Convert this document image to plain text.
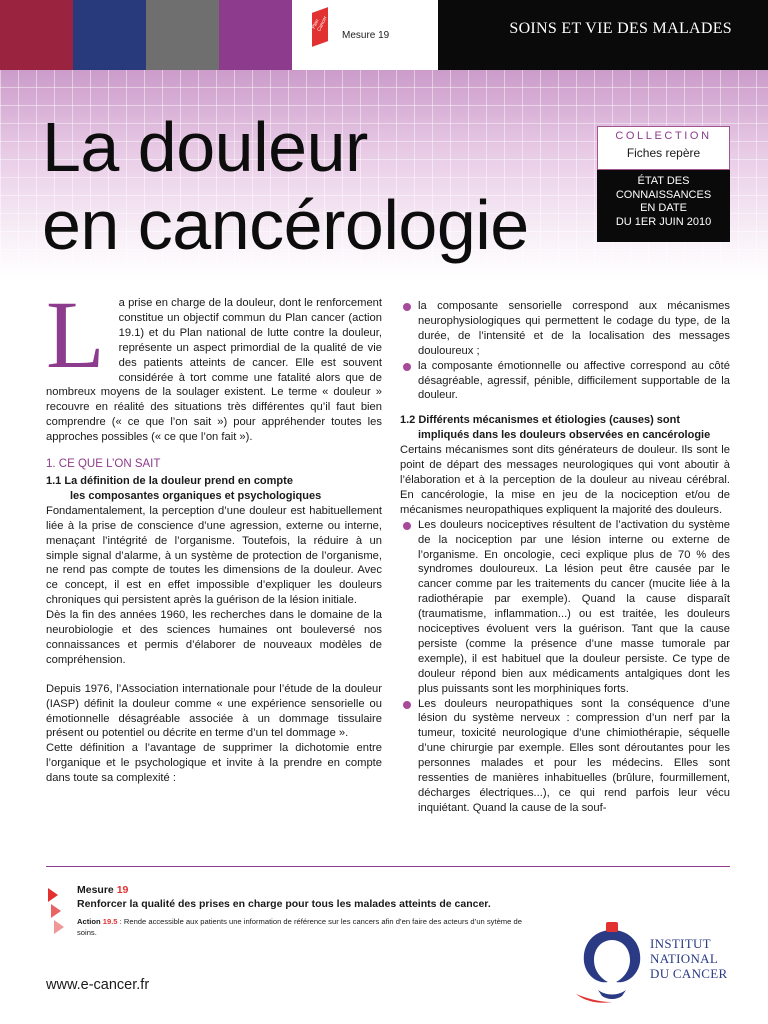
Plan Cancer
Mesure 19	SOINS ET VIE DES MALADES
La douleur
en cancérologie
COLLECTION
Fiches repère
ÉTAT DES
CONNAISSANCES
EN DATE
DU 1ER JUIN 2010
L	a prise en charge de la douleur, dont le renforcement constitue un objectif commun du Plan cancer (action 19.1) et du Plan national de lutte contre la douleur, représente un aspect primordial de la qualité de vie des patients atteints de cancer. Elle est souvent considérée à tort comme une fatalité alors que de nombreux moyens de la soulager existent. Le terme « douleur » recouvre en réalité des situations très différentes qu’il faut bien comprendre (« ce que l’on sait ») pour appréhender toutes les approches possibles (« ce que l’on fait »).

1. CE QUE L’ON SAIT
1.1 La définition de la douleur prend en compte
les composantes organiques et psychologiques

Fondamentalement, la perception d’une douleur est habituellement liée à la prise de conscience d’une agression, externe ou interne, menaçant l’intégrité de l’organisme. Toutefois, la réduire à un simple signal d’alarme, à un système de protection de l’organisme, ne rend pas compte de toutes les dimensions de la douleur. Avec ce concept, il est en effet impossible d’expliquer les douleurs chroniques qui persistent après la guérison de la lésion initiale.

Dès la fin des années 1960, les recherches dans le domaine de la neurobiologie et des sciences humaines ont bouleversé nos connaissances et permis d’élaborer de nouveaux modèles de compréhension.

Depuis 1976, l’Association internationale pour l’étude de la douleur (IASP) définit la douleur comme « une expérience sensorielle ou émotionnelle désagréable associée à un dommage tissulaire présent ou potentiel ou décrite en terme d’un tel dommage ».

Cette définition a l’avantage de supprimer la dichotomie entre l’organique et le psychologique et invite à la prendre en compte dans toute sa complexité :

la composante sensorielle correspond aux mécanismes neurophysiologiques qui permettent le codage du type, de la durée, de l’intensité et de la localisation des messages douloureux ;
la composante émotionnelle ou affective correspond au côté désagréable, agressif, pénible, difficilement supportable de la douleur.
1.2 Différents mécanismes et étiologies (causes) sont
impliqués dans les douleurs observées en cancérologie

Certains mécanismes sont dits générateurs de douleur. Ils sont le point de départ des messages neurologiques qui vont aboutir à l’élaboration et à la perception de la douleur au niveau cérébral. En cancérologie, la mise en jeu de la nociception et/ou de mécanismes neuropathiques expliquent la majorité des douleurs.

Les douleurs nociceptives résultent de l’activation du système de la nociception par une lésion interne ou externe de l’organisme. En oncologie, ceci explique plus de 70 % des syndromes douloureux. La lésion peut être causée par le cancer comme par les traitements du cancer (mucite liée à la radiothérapie par exemple). Quand la cause disparaît (traumatisme, inflammation...) ou est traitée, les douleurs nociceptives évoluent vers la guérison. Tant que la cause persiste (comme la présence d’une masse tumorale par exemple), il est habituel que la douleur persiste. Ce type de douleur répond bien aux médicaments antalgiques dont les plus puissants sont les morphiniques forts.
Les douleurs neuropathiques sont la conséquence d’une lésion du système nerveux : compression d’un nerf par la tumeur, toxicité neurologique d’une chimiothérapie, séquelle d’une chirurgie par exemple. Elles sont déroutantes pour les personnes malades et pour les médecins. Elles sont ressenties de manières inhabituelles (brûlure, fourmillement, décharges électriques...), ce qui rend parfois leur vécu inquiétant. Quand la cause de la souf-
Mesure 19
Renforcer la qualité des prises en charge pour tous les malades atteints de cancer.
Action 19.5 : Rende accessible aux patients une information de référence sur les cancers afin d’en faire des acteurs d’un sytème de soins.
www.e-cancer.fr
INSTITUT
NATIONAL
DU CANCER
